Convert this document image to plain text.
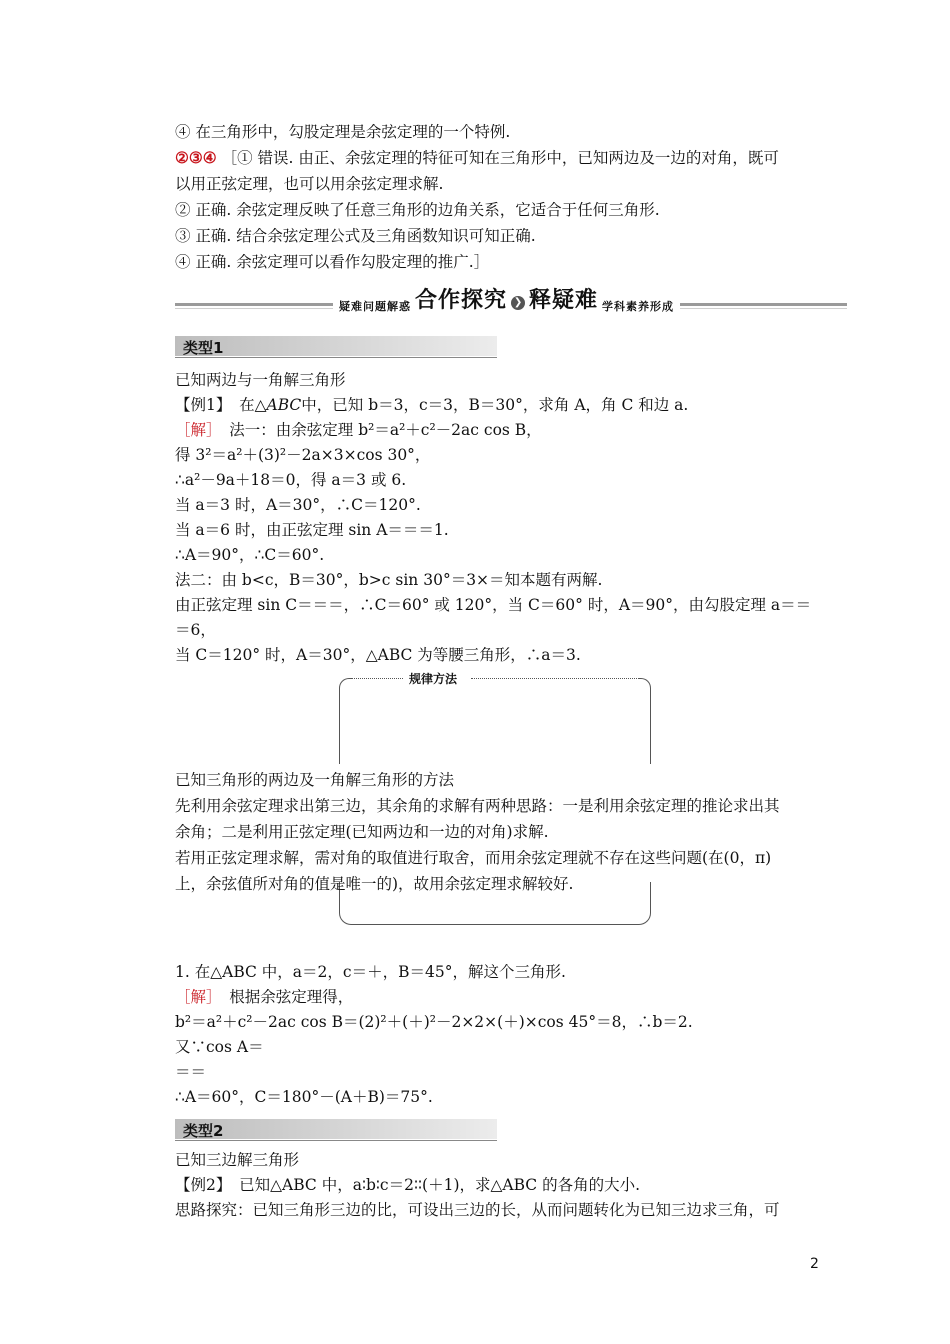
④ 在三角形中，勾股定理是余弦定理的一个特例.
②③④ ［① 错误. 由正、余弦定理的特征可知在三角形中，已知两边及一边的对角，既可
以用正弦定理，也可以用余弦定理求解.
② 正确. 余弦定理反映了任意三角形的边角关系，它适合于任何三角形.
③ 正确. 结合余弦定理公式及三角函数知识可知正确.
④ 正确. 余弦定理可以看作勾股定理的推广.］
疑难问题解惑 合作探究 ❯ 释疑难 学科素养形成
类型1
已知两边与一角解三角形
【例1】　在△ABC中，已知 b＝3，c＝3，B＝30°，求角 A，角 C 和边 a.
［解］　法一：由余弦定理 b²＝a²＋c²－2ac cos B，
得 3²＝a²＋(3)²－2a×3×cos 30°，
∴a²－9a＋18＝0，得 a＝3 或 6.
当 a＝3 时，A＝30°，∴C＝120°.
当 a＝6 时，由正弦定理 sin A＝＝＝1.
∴A＝90°，∴C＝60°.
法二：由 b<c，B＝30°，b>c sin 30°＝3×＝知本题有两解.
由正弦定理 sin C＝＝＝，∴C＝60° 或 120°，当 C＝60° 时，A＝90°，由勾股定理 a＝＝
＝6，
当 C＝120° 时，A＝30°，△ABC 为等腰三角形，∴a＝3.
规律方法
已知三角形的两边及一角解三角形的方法
先利用余弦定理求出第三边，其余角的求解有两种思路：一是利用余弦定理的推论求出其
余角；二是利用正弦定理(已知两边和一边的对角)求解.
若用正弦定理求解，需对角的取值进行取舍，而用余弦定理就不存在这些问题(在(0，π)
上，余弦值所对角的值是唯一的)，故用余弦定理求解较好.
1. 在△ABC 中，a＝2，c＝＋，B＝45°，解这个三角形.
［解］　根据余弦定理得，
b²＝a²＋c²－2ac cos B＝(2)²＋(＋)²－2×2×(＋)×cos 45°＝8，∴b＝2.
又∵cos A＝
＝＝
∴A＝60°，C＝180°－(A＋B)＝75°.
类型2
已知三边解三角形
【例2】　已知△ABC 中，a∶b∶c＝2∶∶(＋1)，求△ABC 的各角的大小.
思路探究：已知三角形三边的比，可设出三边的长，从而问题转化为已知三边求三角，可
2
